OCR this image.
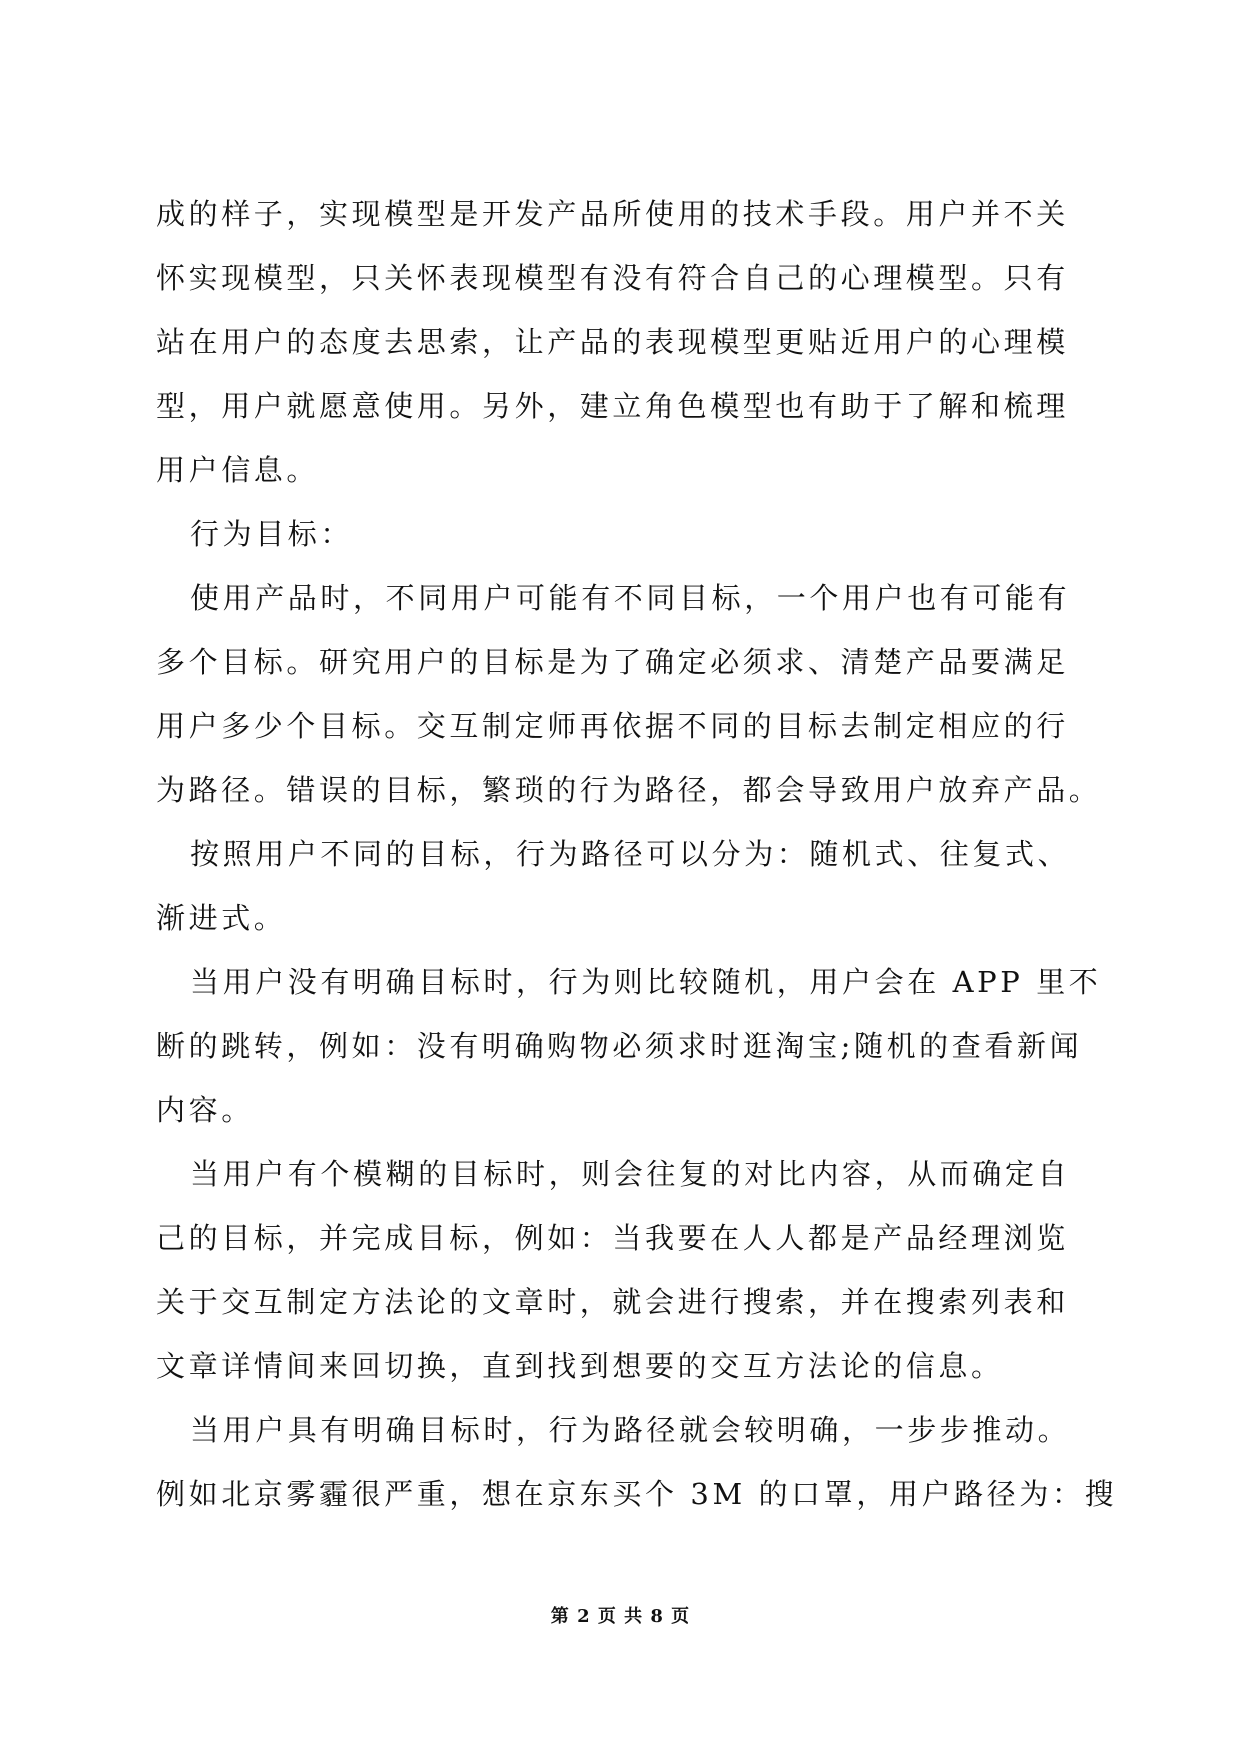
成的样子，实现模型是开发产品所使用的技术手段。用户并不关
怀实现模型，只关怀表现模型有没有符合自己的心理模型。只有
站在用户的态度去思索，让产品的表现模型更贴近用户的心理模
型，用户就愿意使用。另外，建立角色模型也有助于了解和梳理
用户信息。
行为目标：
使用产品时，不同用户可能有不同目标，一个用户也有可能有
多个目标。研究用户的目标是为了确定必须求、清楚产品要满足
用户多少个目标。交互制定师再依据不同的目标去制定相应的行
为路径。错误的目标，繁琐的行为路径，都会导致用户放弃产品。
按照用户不同的目标，行为路径可以分为：随机式、往复式、
渐进式。
当用户没有明确目标时，行为则比较随机，用户会在 APP 里不
断的跳转，例如：没有明确购物必须求时逛淘宝;随机的查看新闻
内容。
当用户有个模糊的目标时，则会往复的对比内容，从而确定自
己的目标，并完成目标，例如：当我要在人人都是产品经理浏览
关于交互制定方法论的文章时，就会进行搜索，并在搜索列表和
文章详情间来回切换，直到找到想要的交互方法论的信息。
当用户具有明确目标时，行为路径就会较明确，一步步推动。
例如北京雾霾很严重，想在京东买个 3M 的口罩，用户路径为：搜
第 2 页 共 8 页
